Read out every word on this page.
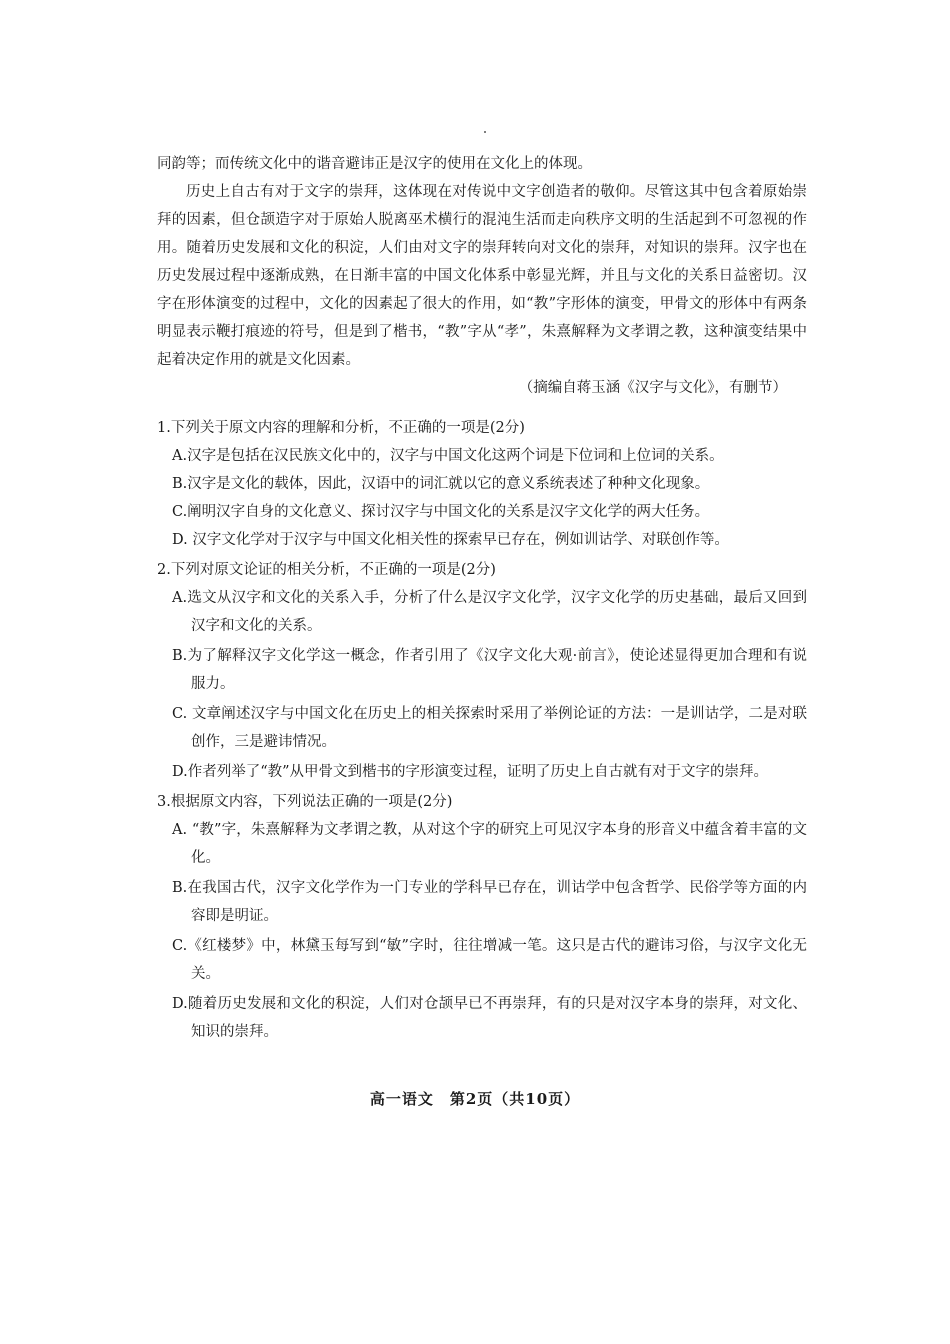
同韵等；而传统文化中的谐音避讳正是汉字的使用在文化上的体现。

历史上自古有对于文字的崇拜，这体现在对传说中文字创造者的敬仰。尽管这其中包含着原始崇拜的因素，但仓颉造字对于原始人脱离巫术横行的混沌生活而走向秩序文明的生活起到不可忽视的作用。随着历史发展和文化的积淀，人们由对文字的崇拜转向对文化的崇拜，对知识的崇拜。汉字也在历史发展过程中逐渐成熟，在日渐丰富的中国文化体系中彰显光辉，并且与文化的关系日益密切。汉字在形体演变的过程中，文化的因素起了很大的作用，如“教”字形体的演变，甲骨文的形体中有两条明显表示鞭打痕迹的符号，但是到了楷书，“教”字从“孝”，朱熹解释为文孝谓之教，这种演变结果中起着决定作用的就是文化因素。

（摘编自蒋玉涵《汉字与文化》，有删节）

1.下列关于原文内容的理解和分析，不正确的一项是(2分)

A.汉字是包括在汉民族文化中的，汉字与中国文化这两个词是下位词和上位词的关系。

B.汉字是文化的载体，因此，汉语中的词汇就以它的意义系统表述了种种文化现象。

C.阐明汉字自身的文化意义、探讨汉字与中国文化的关系是汉字文化学的两大任务。

D. 汉字文化学对于汉字与中国文化相关性的探索早已存在，例如训诂学、对联创作等。

2.下列对原文论证的相关分析，不正确的一项是(2分)

A.选文从汉字和文化的关系入手，分析了什么是汉字文化学，汉字文化学的历史基础，最后又回到汉字和文化的关系。

B.为了解释汉字文化学这一概念，作者引用了《汉字文化大观·前言》，使论述显得更加合理和有说服力。

C. 文章阐述汉字与中国文化在历史上的相关探索时采用了举例论证的方法：一是训诂学，二是对联创作，三是避讳情况。

D.作者列举了“教”从甲骨文到楷书的字形演变过程，证明了历史上自古就有对于文字的崇拜。

3.根据原文内容，下列说法正确的一项是(2分)

A. “教”字，朱熹解释为文孝谓之教，从对这个字的研究上可见汉字本身的形音义中蕴含着丰富的文化。

B.在我国古代，汉字文化学作为一门专业的学科早已存在，训诂学中包含哲学、民俗学等方面的内容即是明证。

C.《红楼梦》中，林黛玉每写到“敏”字时，往往增减一笔。这只是古代的避讳习俗，与汉字文化无关。

D.随着历史发展和文化的积淀，人们对仓颉早已不再崇拜，有的只是对汉字本身的崇拜，对文化、知识的崇拜。

高一语文　第2页（共10页）
